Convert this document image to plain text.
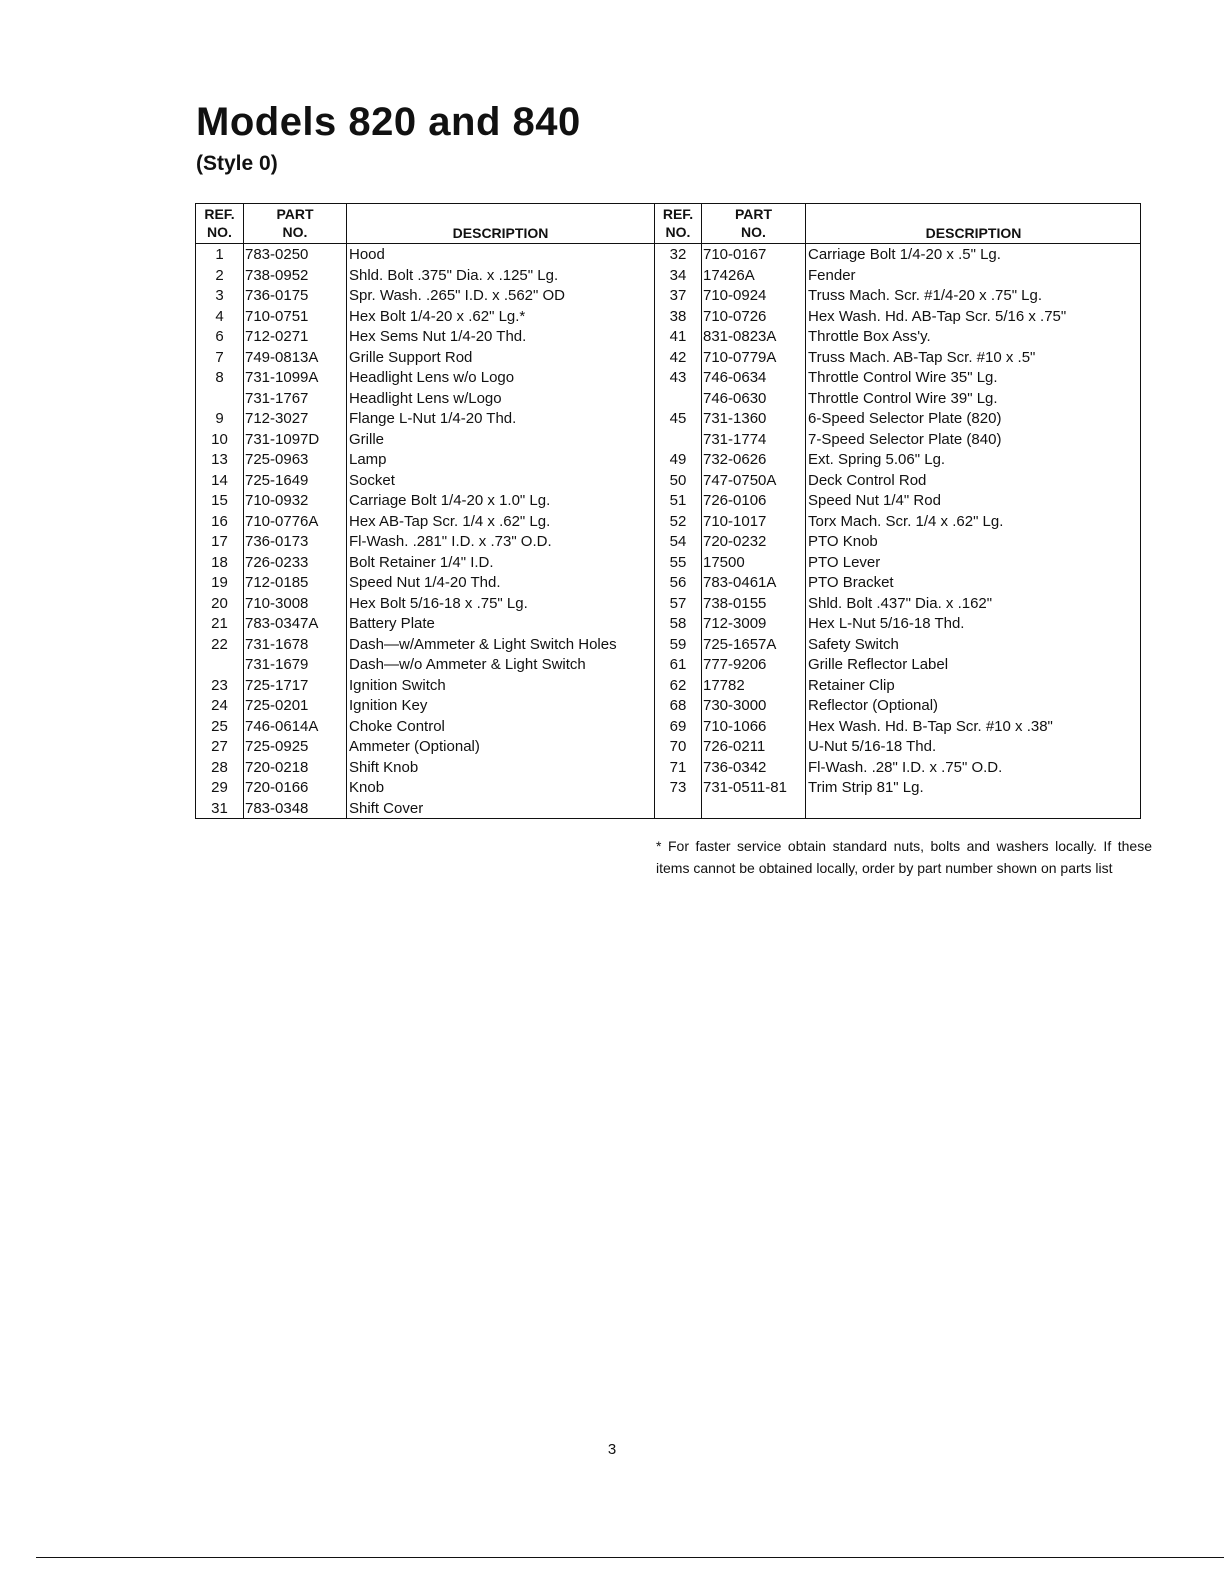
Models 820 and 840
(Style 0)
REF.
NO.
PART
NO.	DESCRIPTION
1	783-0250	Hood
2	738-0952	Shld. Bolt .375" Dia. x .125" Lg.
3	736-0175	Spr. Wash. .265" I.D. x .562" OD
4	710-0751	Hex Bolt 1/4-20 x .62" Lg.*
6	712-0271	Hex Sems Nut 1/4-20 Thd.
7	749-0813A Grille Support Rod
8	731-1099A Headlight Lens w/o Logo
731-1767	Headlight Lens w/Logo
9	712-3027	Flange L-Nut 1/4-20 Thd.
10	731-1097D Grille
13	725-0963	Lamp
14	725-1649	Socket
15	710-0932	Carriage Bolt 1/4-20 x 1.0" Lg.
16	710-0776A Hex AB-Tap Scr. 1/4 x .62" Lg.
17	736-0173	Fl-Wash. .281" I.D. x .73" O.D.
18	726-0233	Bolt Retainer 1/4" I.D.
19	712-0185	Speed Nut 1/4-20 Thd.
20	710-3008	Hex Bolt 5/16-18 x .75" Lg.
21	783-0347A Battery Plate
22	731-1678	Dash—w/Ammeter & Light Switch Holes
731-1679	Dash—w/o Ammeter & Light Switch
23	725-1717	Ignition Switch
24	725-0201	Ignition Key
25	746-0614A Choke Control
27	725-0925	Ammeter (Optional)
28	720-0218	Shift Knob
29	720-0166	Knob
31	783-0348	Shift Cover
REF.
NO.
PART
NO.	DESCRIPTION
32	710-0167	Carriage Bolt 1/4-20 x .5" Lg.
34	17426A	Fender
37	710-0924	Truss Mach. Scr. #1/4-20 x .75" Lg.
38	710-0726	Hex Wash. Hd. AB-Tap Scr. 5/16 x .75"
41	831-0823A Throttle Box Ass'y.
42	710-0779A Truss Mach. AB-Tap Scr. #10 x .5"
43	746-0634	Throttle Control Wire 35" Lg.
746-0630	Throttle Control Wire 39" Lg.
45	731-1360	6-Speed Selector Plate (820)
731-1774	7-Speed Selector Plate (840)
49	732-0626	Ext. Spring 5.06" Lg.
50	747-0750A Deck Control Rod
51	726-0106	Speed Nut 1/4" Rod
52	710-1017	Torx Mach. Scr. 1/4 x .62" Lg.
54	720-0232	PTO Knob
55	17500	PTO Lever
56	783-0461A PTO Bracket
57	738-0155	Shld. Bolt .437" Dia. x .162"
58	712-3009	Hex L-Nut 5/16-18 Thd.
59	725-1657A Safety Switch
61	777-9206	Grille Reflector Label
62	17782	Retainer Clip
68	730-3000	Reflector (Optional)
69	710-1066	Hex Wash. Hd. B-Tap Scr. #10 x .38"
70	726-0211	U-Nut 5/16-18 Thd.
71	736-0342	Fl-Wash. .28" I.D. x .75" O.D.
73	731-0511-81 Trim Strip 81" Lg.

* For faster service obtain standard nuts, bolts and washers locally. If these items cannot be obtained locally, order by part number shown on parts list

3
